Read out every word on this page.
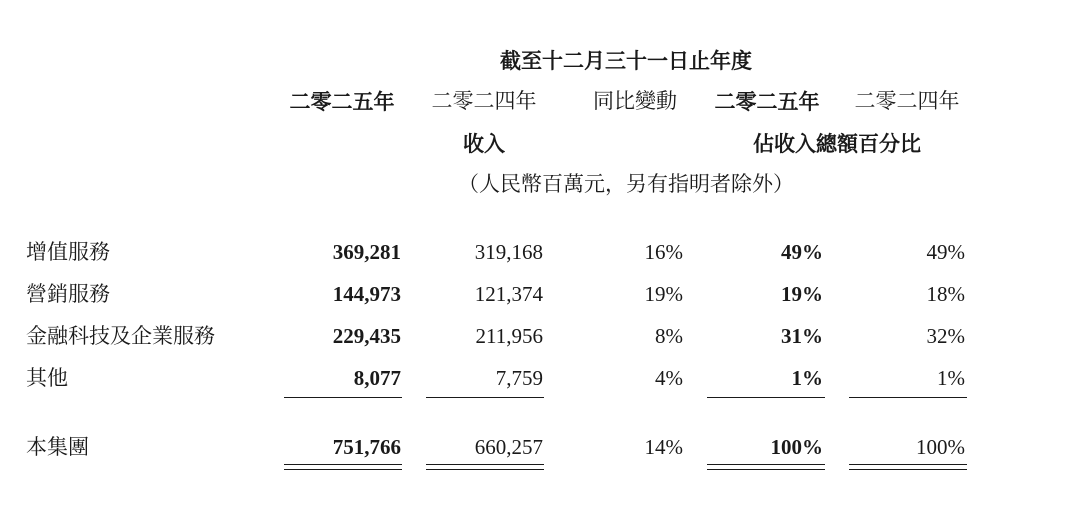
截至十二月三十一日止年度
二零二五年 二零二四年	同比變動 二零二五年 二零二四年
收入	佔收入總額百分比
（人民幣百萬元，另有指明者除外）
增值服務	369,281	319,168	16%	49%	49%
營銷服務	144,973	121,374	19%	19%	18%
金融科技及企業服務	229,435	211,956	8%	31%	32%
其他	8,077	7,759	4%	1%	1%
本集團	751,766	660,257	14%	100%	100%
